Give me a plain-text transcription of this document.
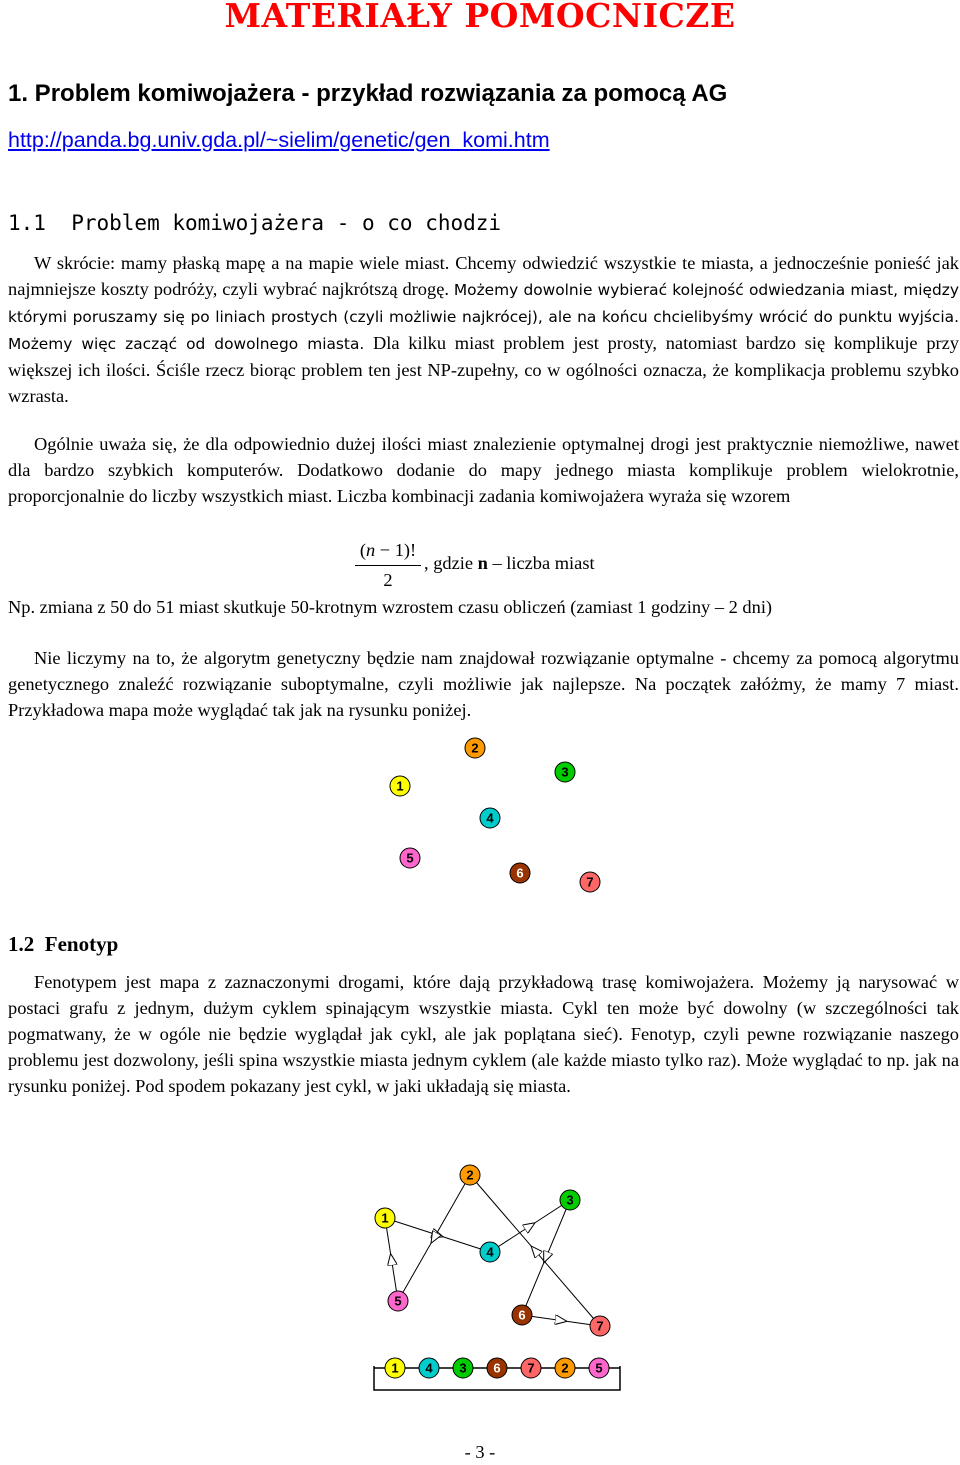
MATERIAŁY POMOCNICZE
1. Problem komiwojażera - przykład rozwiązania za pomocą AG
http://panda.bg.univ.gda.pl/~sielim/genetic/gen_komi.htm
1.1  Problem komiwojażera - o co chodzi

W skrócie: mamy płaską mapę a na mapie wiele miast. Chcemy odwiedzić wszystkie te miasta, a jednocześnie ponieść jak najmniejsze koszty podróży, czyli wybrać najkrótszą drogę. Możemy dowolnie wybierać kolejność odwiedzania miast, między którymi poruszamy się po liniach prostych (czyli możliwie najkrócej), ale na końcu chcielibyśmy wrócić do punktu wyjścia. Możemy więc zacząć od dowolnego miasta. Dla kilku miast problem jest prosty, natomiast bardzo się komplikuje przy większej ich ilości. Ściśle rzecz biorąc problem ten jest NP-zupełny, co w ogólności oznacza, że komplikacja problemu szybko wzrasta.

Ogólnie uważa się, że dla odpowiednio dużej ilości miast znalezienie optymalnej drogi jest praktycznie niemożliwe, nawet dla bardzo szybkich komputerów. Dodatkowo dodanie do mapy jednego miasta komplikuje problem wielokrotnie, proporcjonalnie do liczby wszystkich miast. Liczba kombinacji zadania komiwojażera wyraża się wzorem

(n − 1)!
2
, gdzie n – liczba miast

Np. zmiana z 50 do 51 miast skutkuje 50-krotnym wzrostem czasu obliczeń (zamiast 1 godziny – 2 dni)

Nie liczymy na to, że algorytm genetyczny będzie nam znajdował rozwiązanie optymalne - chcemy za pomocą algorytmu genetycznego znaleźć rozwiązanie suboptymalne, czyli możliwie jak najlepsze. Na początek załóżmy, że mamy 7 miast. Przykładowa mapa może wyglądać tak jak na rysunku poniżej.

1
2
3
4
5
6
7
1.2  Fenotyp

Fenotypem jest mapa z zaznaczonymi drogami, które dają przykładową trasę komiwojażera. Możemy ją narysować w postaci grafu z jednym, dużym cyklem spinającym wszystkie miasta. Cykl ten może być dowolny (w szczególności tak pogmatwany, że w ogóle nie będzie wyglądał jak cykl, ale jak poplątana sieć). Fenotyp, czyli pewne rozwiązanie naszego problemu jest dozwolony, jeśli spina wszystkie miasta jednym cyklem (ale każde miasto tylko raz). Może wyglądać to np. jak na rysunku poniżej. Pod spodem pokazany jest cykl, w jaki układają się miasta.

1
2
3
4
5
6
7
1 4 3 6 7 2 5
- 3 -
